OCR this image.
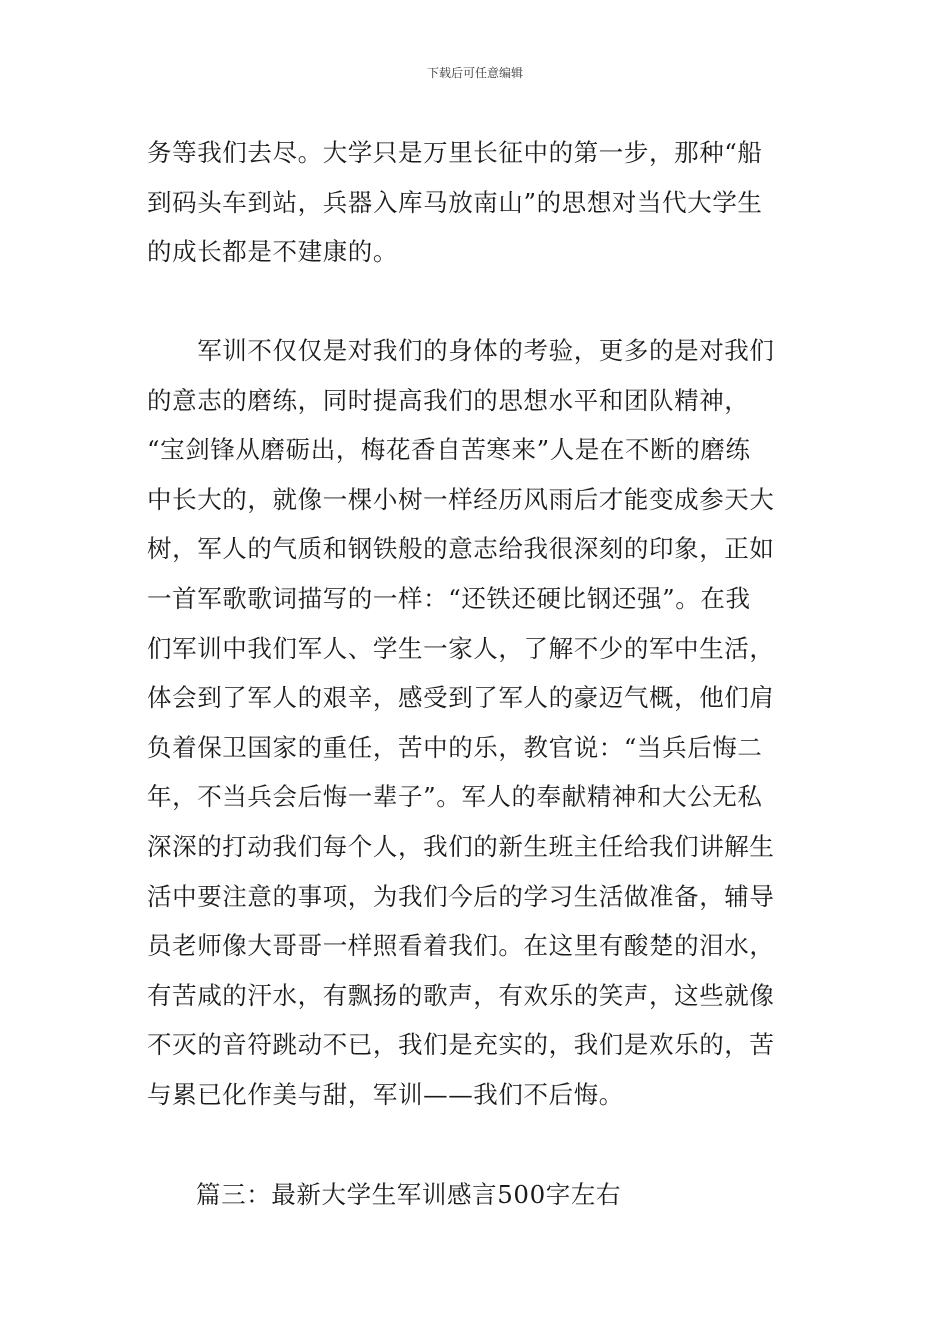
下载后可任意编辑
务等我们去尽。大学只是万里长征中的第一步，那种“船
到码头车到站，兵器入库马放南山”的思想对当代大学生
的成长都是不建康的。
　　军训不仅仅是对我们的身体的考验，更多的是对我们
的意志的磨练，同时提高我们的思想水平和团队精神，
“宝剑锋从磨砺出，梅花香自苦寒来”人是在不断的磨练
中长大的，就像一棵小树一样经历风雨后才能变成参天大
树，军人的气质和钢铁般的意志给我很深刻的印象，正如
一首军歌歌词描写的一样：“还铁还硬比钢还强”。在我
们军训中我们军人、学生一家人，了解不少的军中生活，
体会到了军人的艰辛，感受到了军人的豪迈气概，他们肩
负着保卫国家的重任，苦中的乐，教官说：“当兵后悔二
年，不当兵会后悔一辈子”。军人的奉献精神和大公无私
深深的打动我们每个人，我们的新生班主任给我们讲解生
活中要注意的事项，为我们今后的学习生活做准备，辅导
员老师像大哥哥一样照看着我们。在这里有酸楚的泪水，
有苦咸的汗水，有飘扬的歌声，有欢乐的笑声，这些就像
不灭的音符跳动不已，我们是充实的，我们是欢乐的，苦
与累已化作美与甜，军训——我们不后悔。
篇三：最新大学生军训感言500字左右
